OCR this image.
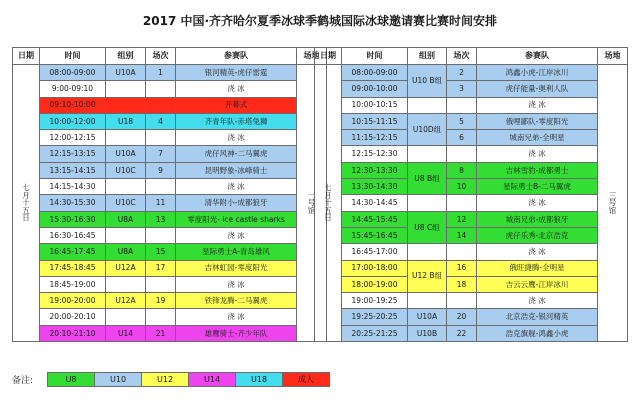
2017 中国·齐齐哈尔夏季冰球季鹤城国际冰球邀请赛比赛时间安排
日期	时间	组别	场次	参赛队	场地
七
月
十
五
日	08:00-09:00	U10A	1	银河精英-虎仔雷霆	一
号
馆
	9:00-09:10			浇 冰	
	09:10-10:00			开幕式	
	10:00-12:00	U18	4	齐青年队-赤塔兔狮	
	12:00-12:15			浇 冰	
	12:15-13:15	U10A	7	虎仔风神-二马翼虎	
	13:15-14:15	U10C	9	昆明野象-冰峰骑士	
	14:15-14:30			浇 冰	
	14:30-15:30	U10C	11	清华附小-成都狼牙	
	15:30-16:30	U8A	13	零度阳光- ice castle sharks	
	16:30-16:45			浇 冰	
	16:45-17:45	U8A	15	星际勇士A-青岛雄风	
	17:45-18:45	U12A	17	吉林虹园-零度阳光	
	18:45-19:00			浇 冰	
	19:00-20:00	U12A	19	铁锋龙腾-二马翼虎	
	20:00-20:10			浇 冰	
	20:10-21:10	U14	21	雄鹰骑士-齐少年队	
日期	时间	组别	场次	参赛队	场地
七
月
十
五
日	08:00-09:00	U10 B组	2	鸿鑫小虎-江岸冰川	三
号
馆
	09:00-10:00		3	虎仔能量-奥利人队	
	10:00-10:15			浇 冰	
	10:15-11:15	U10D组	5	俄哩鄙队-零度阳光	
	11:15-12:15		6	城南兄弟-全明星	
	12:15-12:30			浇 冰	
	12:30-13:30	U8 B组	8	吉林雪豹-成都勇士	
	13:30-14:30		10	星际勇士B-二马翼虎	
	14:30-14:45			浇 冰	
	14:45-15:45	U8 C组	12	城南兄弟-成都狼牙	
	15:45-16:45		14	虎仔乐秀-北京浩克	
	16:45-17:00			浇 冰	
	17:00-18:00	U12 B组	16	俄旺捷腾-全明星	
	18:00-19:00		18	吉云云鹰-江岸冰川	
	19:00-19:25			浇 冰	
	19:25-20:25	U10A	20	北京浩克-银河精英	
	20:25-21:25	U10B	22	浩克旗舰-鸿鑫小虎	
备注:	U8	U10	U12	U14	U18	成人
